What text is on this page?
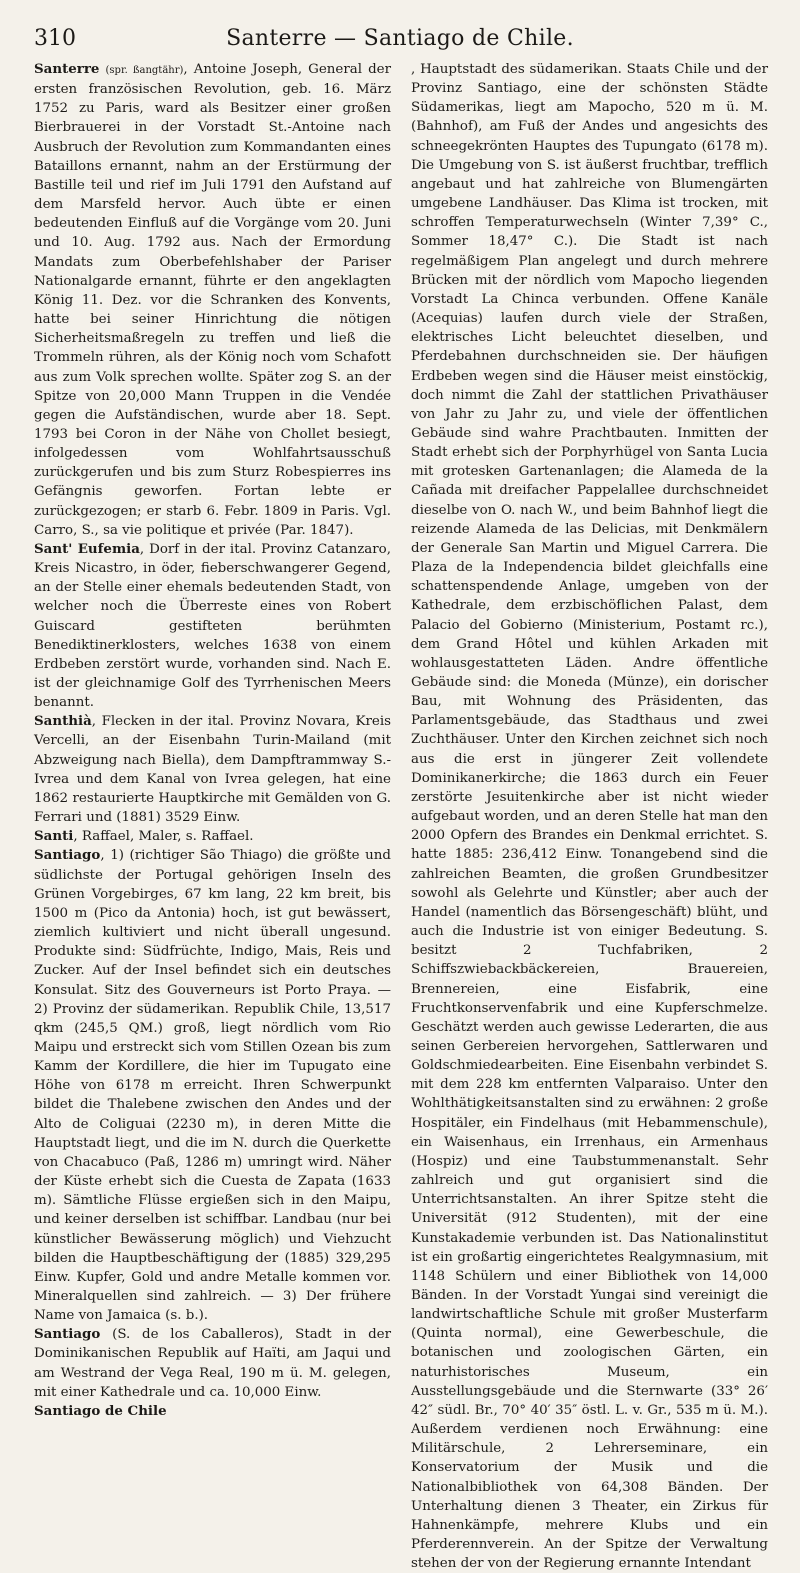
310	Santerre — Santiago de Chile.

Santerre (spr. ßangtähr), Antoine Joseph, General der ersten französischen Revolution, geb. 16. März 1752 zu Paris, ward als Besitzer einer großen Bierbrauerei in der Vorstadt St.-Antoine nach Ausbruch der Revolution zum Kommandanten eines Bataillons ernannt, nahm an der Erstürmung der Bastille teil und rief im Juli 1791 den Aufstand auf dem Marsfeld hervor. Auch übte er einen bedeutenden Einfluß auf die Vorgänge vom 20. Juni und 10. Aug. 1792 aus. Nach der Ermordung Mandats zum Oberbefehlshaber der Pariser Nationalgarde ernannt, führte er den angeklagten König 11. Dez. vor die Schranken des Konvents, hatte bei seiner Hinrichtung die nötigen Sicherheitsmaßregeln zu treffen und ließ die Trommeln rühren, als der König noch vom Schafott aus zum Volk sprechen wollte. Später zog S. an der Spitze von 20,000 Mann Truppen in die Vendée gegen die Aufständischen, wurde aber 18. Sept. 1793 bei Coron in der Nähe von Chollet besiegt, infolgedessen vom Wohlfahrtsausschuß zurückgerufen und bis zum Sturz Robespierres ins Gefängnis geworfen. Fortan lebte er zurückgezogen; er starb 6. Febr. 1809 in Paris. Vgl. Carro, S., sa vie politique et privée (Par. 1847).

Sant' Eufemia, Dorf in der ital. Provinz Catanzaro, Kreis Nicastro, in öder, fieberschwangerer Gegend, an der Stelle einer ehemals bedeutenden Stadt, von welcher noch die Überreste eines von Robert Guiscard gestifteten berühmten Benediktinerklosters, welches 1638 von einem Erdbeben zerstört wurde, vorhanden sind. Nach E. ist der gleichnamige Golf des Tyrrhenischen Meers benannt.

Santhià, Flecken in der ital. Provinz Novara, Kreis Vercelli, an der Eisenbahn Turin-Mailand (mit Abzweigung nach Biella), dem Dampftrammway S.-Ivrea und dem Kanal von Ivrea gelegen, hat eine 1862 restaurierte Hauptkirche mit Gemälden von G. Ferrari und (1881) 3529 Einw.

Santi, Raffael, Maler, s. Raffael.

Santiago, 1) (richtiger São Thiago) die größte und südlichste der Portugal gehörigen Inseln des Grünen Vorgebirges, 67 km lang, 22 km breit, bis 1500 m (Pico da Antonia) hoch, ist gut bewässert, ziemlich kultiviert und nicht überall ungesund. Produkte sind: Südfrüchte, Indigo, Mais, Reis und Zucker. Auf der Insel befindet sich ein deutsches Konsulat. Sitz des Gouverneurs ist Porto Praya. — 2) Provinz der südamerikan. Republik Chile, 13,517 qkm (245,5 QM.) groß, liegt nördlich vom Rio Maipu und erstreckt sich vom Stillen Ozean bis zum Kamm der Kordillere, die hier im Tupugato eine Höhe von 6178 m erreicht. Ihren Schwerpunkt bildet die Thalebene zwischen den Andes und der Alto de Coliguai (2230 m), in deren Mitte die Hauptstadt liegt, und die im N. durch die Querkette von Chacabuco (Paß, 1286 m) umringt wird. Näher der Küste erhebt sich die Cuesta de Zapata (1633 m). Sämtliche Flüsse ergießen sich in den Maipu, und keiner derselben ist schiffbar. Landbau (nur bei künstlicher Bewässerung möglich) und Viehzucht bilden die Hauptbeschäftigung der (1885) 329,295 Einw. Kupfer, Gold und andre Metalle kommen vor. Mineralquellen sind zahlreich. — 3) Der frühere Name von Jamaica (s. b.).

Santiago (S. de los Caballeros), Stadt in der Dominikanischen Republik auf Haïti, am Jaqui und am Westrand der Vega Real, 190 m ü. M. gelegen, mit einer Kathedrale und ca. 10,000 Einw.

Santiago de Chile

, Hauptstadt des südamerikan. Staats Chile und der Provinz Santiago, eine der schönsten Städte Südamerikas, liegt am Mapocho, 520 m ü. M. (Bahnhof), am Fuß der Andes und angesichts des schneegekrönten Hauptes des Tupungato (6178 m). Die Umgebung von S. ist äußerst fruchtbar, trefflich angebaut und hat zahlreiche von Blumengärten umgebene Landhäuser. Das Klima ist trocken, mit schroffen Temperaturwechseln (Winter 7,39° C., Sommer 18,47° C.). Die Stadt ist nach regelmäßigem Plan angelegt und durch mehrere Brücken mit der nördlich vom Mapocho liegenden Vorstadt La Chinca verbunden. Offene Kanäle (Acequias) laufen durch viele der Straßen, elektrisches Licht beleuchtet dieselben, und Pferdebahnen durchschneiden sie. Der häufigen Erdbeben wegen sind die Häuser meist einstöckig, doch nimmt die Zahl der stattlichen Privathäuser von Jahr zu Jahr zu, und viele der öffentlichen Gebäude sind wahre Prachtbauten. Inmitten der Stadt erhebt sich der Porphyrhügel von Santa Lucia mit grotesken Gartenanlagen; die Alameda de la Cañada mit dreifacher Pappelallee durchschneidet dieselbe von O. nach W., und beim Bahnhof liegt die reizende Alameda de las Delicias, mit Denkmälern der Generale San Martin und Miguel Carrera. Die Plaza de la Independencia bildet gleichfalls eine schattenspendende Anlage, umgeben von der Kathedrale, dem erzbischöflichen Palast, dem Palacio del Gobierno (Ministerium, Postamt rc.), dem Grand Hôtel und kühlen Arkaden mit wohlausgestatteten Läden. Andre öffentliche Gebäude sind: die Moneda (Münze), ein dorischer Bau, mit Wohnung des Präsidenten, das Parlamentsgebäude, das Stadthaus und zwei Zuchthäuser. Unter den Kirchen zeichnet sich noch aus die erst in jüngerer Zeit vollendete Dominikanerkirche; die 1863 durch ein Feuer zerstörte Jesuitenkirche aber ist nicht wieder aufgebaut worden, und an deren Stelle hat man den 2000 Opfern des Brandes ein Denkmal errichtet. S. hatte 1885: 236,412 Einw. Tonangebend sind die zahlreichen Beamten, die großen Grundbesitzer sowohl als Gelehrte und Künstler; aber auch der Handel (namentlich das Börsengeschäft) blüht, und auch die Industrie ist von einiger Bedeutung. S. besitzt 2 Tuchfabriken, 2 Schiffszwiebackbäckereien, Brauereien, Brennereien, eine Eisfabrik, eine Fruchtkonservenfabrik und eine Kupferschmelze. Geschätzt werden auch gewisse Lederarten, die aus seinen Gerbereien hervorgehen, Sattlerwaren und Goldschmiedearbeiten. Eine Eisenbahn verbindet S. mit dem 228 km entfernten Valparaiso. Unter den Wohlthätigkeitsanstalten sind zu erwähnen: 2 große Hospitäler, ein Findelhaus (mit Hebammenschule), ein Waisenhaus, ein Irrenhaus, ein Armenhaus (Hospiz) und eine Taubstummenanstalt. Sehr zahlreich und gut organisiert sind die Unterrichtsanstalten. An ihrer Spitze steht die Universität (912 Studenten), mit der eine Kunstakademie verbunden ist. Das Nationalinstitut ist ein großartig eingerichtetes Realgymnasium, mit 1148 Schülern und einer Bibliothek von 14,000 Bänden. In der Vorstadt Yungai sind vereinigt die landwirtschaftliche Schule mit großer Musterfarm (Quinta normal), eine Gewerbeschule, die botanischen und zoologischen Gärten, ein naturhistorisches Museum, ein Ausstellungsgebäude und die Sternwarte (33° 26′ 42″ südl. Br., 70° 40′ 35″ östl. L. v. Gr., 535 m ü. M.). Außerdem verdienen noch Erwähnung: eine Militärschule, 2 Lehrerseminare, ein Konservatorium der Musik und die Nationalbibliothek von 64,308 Bänden. Der Unterhaltung dienen 3 Theater, ein Zirkus für Hahnenkämpfe, mehrere Klubs und ein Pferderennverein. An der Spitze der Verwaltung stehen der von der Regierung ernannte Intendant
